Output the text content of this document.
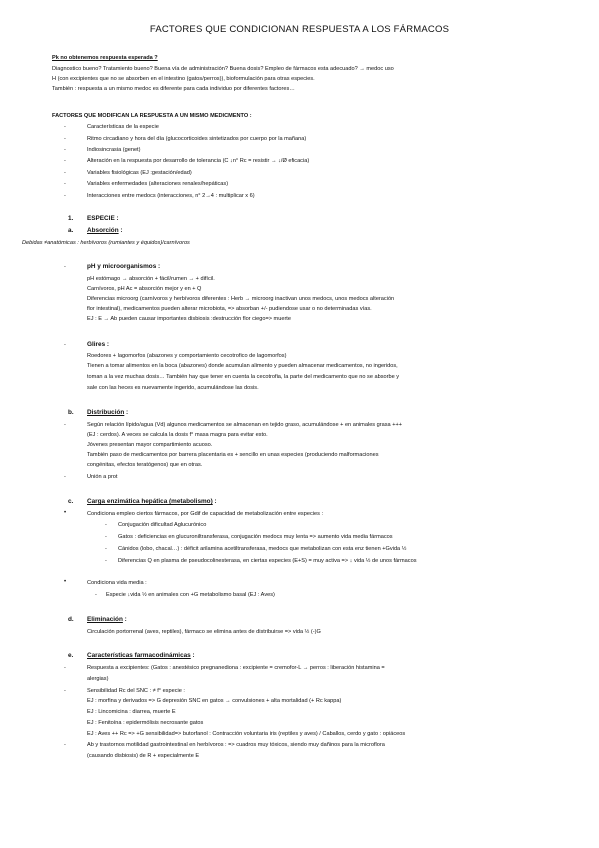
FACTORES QUE CONDICIONAN RESPUESTA A LOS FÁRMACOS
Pk no obtenemos respuesta esperada ?
Diagnostico bueno? Tratamiento bueno? Buena vía de administración? Buena dosis? Empleo de fármacos esta adecuado? → medoc uso
H (con excipientes que no se absorben en el intestino (gatos/perros)), bioformulación para otras especies.
También : respuesta a un mismo medoc es diferente para cada individuo por diferentes factores…
FACTORES QUE MODIFICAN LA RESPUESTA A UN MISMO MEDICMENTO :
-	Características de la especie
-	Ritmo circadiano y hora del día (glucocorticoides sintetizados por cuerpo por la mañana)
-	Indiosincrasia (genet)
-	Alteración en la respuesta por desarrollo de tolerancia (C ↓n° Rc = resistir → ↓/Ø eficacia)
-	Variables fisiológicas (EJ :gestación/edad)
-	Variables enfermedades (alteraciones renales/hepáticas)
-	Interacciones entre medocs (interacciones, n° 2→4 : multiplicar x 6)
1. ESPECIE :
a. Absorción :
Debidas ≠anatómicas : herbívoros (rumiantes y équidos)/carnívoros
-	pH y microorganismos :
pH estómago → absorción + fácil/rumen → + difícil.
Carnívoros, pH Ac = absorción mejor y en + Q
Diferencias microorg (carnívoros y herbívoros diferentes : Herb → microorg inactivan unos medocs, unos medocs alteración
flor intestinal), medicamentos pueden alterar microbiota, => absorban +/- pudiendose usar o no determinadas vías.
EJ : E → Ab pueden causar importantes disbiosis :destrucción flor ciego=> muerte
-	Glires :
Roedores + lagomorfos (abazones y comportamiento cecotrofico de lagomorfos)
Tienen a tomar alimentos en la boca (abazones) donde acumulan alimento y pueden almacenar medicamentos, no ingeridos,
toman a la vez muchas dosis… También hay que tener en cuenta la cecotrofia, la parte del medicamento que no se absorbe y
sale con las heces es nuevamente ingerido, acumulándose las dosis.
b. Distribución :
-	Según relación lípido/agua (Vd) algunos medicamentos se almacenan en tejido graso, acumulándose + en animales grasa +++
(EJ : cerdos). A veces se calcula la dosis f° masa magra para evitar esto.
Jóvenes presentan mayor compartimiento acuoso.
También paso de medicamentos por barrera placentaria es + sencillo en unas especies (produciendo malformaciones
congénitas, efectos teratógenos) que en otras.
-	Unión a prot
c. Carga enzimática hepática (metabolismo) :
•	Condiciona empleo ciertos fármacos, por Gdif de capacidad de metabolización entre especies :
- Conjugación dificultad Aglucurónico
- Gatos : deficiencias en glucuroniltransferasa, conjugación medocs muy lenta => aumento vida media fármacos
- Cánidos (lobo, chacal…) : déficit arilamina acetiltransferasa, medocs que metabolizan con esta enz tienen +Gvida ½
- Diferencias Q en plasma de pseudocolinesterasa, en ciertas especies (E+S) = muy activa => ↓ vida ½ de unos fármacos
•	Condiciona vida media :
- Especie ↓vida ½ en animales con +G metabolismo basal (EJ : Aves)
d. Eliminación :
Circulación portorrenal (aves, reptiles), fármaco se elimina antes de distribuirse => vida ½ (-)G
e. Características farmacodinámicas :
-	Respuesta a excipientes: (Gatos : anestésico pregnanediona : excipiente = cremofor-L → perros : liberación histamina =
alergias)
-	Sensibilidad Rc del SNC : ≠ f° especie :
EJ : morfina y derivados => G depresión SNC en gatos → convulsiones + alta mortalidad (+ Rc kappa)
EJ : Lincomicina : diarrea, muerte E
EJ : Fenitoína : epidermólisis necrosante gatos
EJ : Aves ++ Rc => +G sensibilidad=> butorfanol : Contracción voluntaria iris (reptiles y aves) / Caballos, cerdo y gato : opiáceos
-	Ab y trastornos motilidad gastrointestinal en herbívoros : => cuadros muy tóxicos, siendo muy dañinos para la microflora
(causando disbiosis) de R + especialmente E
